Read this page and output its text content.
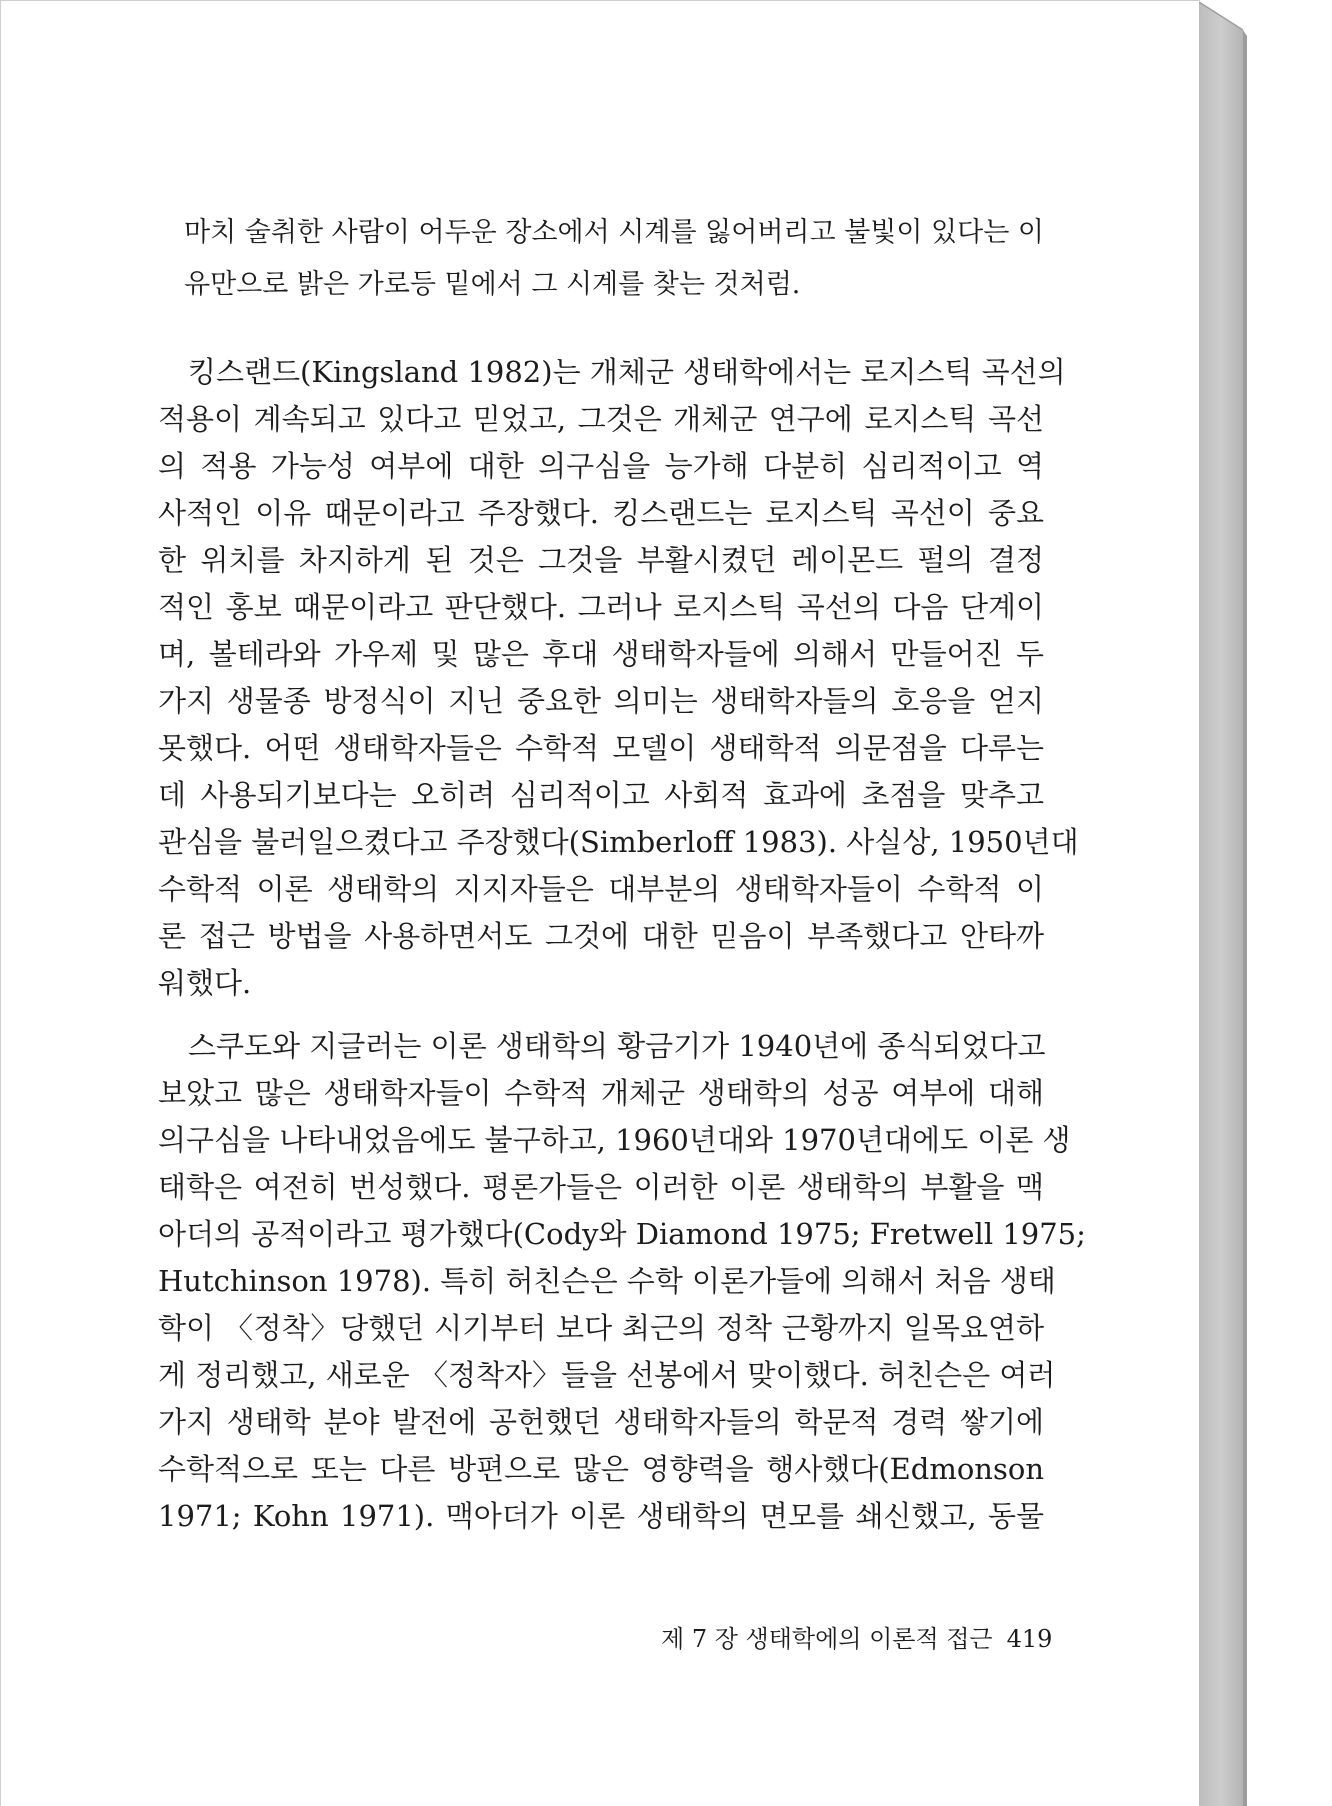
마치 술취한 사람이 어두운 장소에서 시계를 잃어버리고 불빛이 있다는 이
유만으로 밝은 가로등 밑에서 그 시계를 찾는 것처럼.
킹스랜드(Kingsland 1982)는 개체군 생태학에서는 로지스틱 곡선의
적용이 계속되고 있다고 믿었고, 그것은 개체군 연구에 로지스틱 곡선
의 적용 가능성 여부에 대한 의구심을 능가해 다분히 심리적이고 역
사적인 이유 때문이라고 주장했다. 킹스랜드는 로지스틱 곡선이 중요
한 위치를 차지하게 된 것은 그것을 부활시켰던 레이몬드 펄의 결정
적인 홍보 때문이라고 판단했다. 그러나 로지스틱 곡선의 다음 단계이
며, 볼테라와 가우제 및 많은 후대 생태학자들에 의해서 만들어진 두
가지 생물종 방정식이 지닌 중요한 의미는 생태학자들의 호응을 얻지
못했다. 어떤 생태학자들은 수학적 모델이 생태학적 의문점을 다루는
데 사용되기보다는 오히려 심리적이고 사회적 효과에 초점을 맞추고
관심을 불러일으켰다고 주장했다(Simberloff 1983). 사실상, 1950년대
수학적 이론 생태학의 지지자들은 대부분의 생태학자들이 수학적 이
론 접근 방법을 사용하면서도 그것에 대한 믿음이 부족했다고 안타까
워했다.
스쿠도와 지글러는 이론 생태학의 황금기가 1940년에 종식되었다고
보았고 많은 생태학자들이 수학적 개체군 생태학의 성공 여부에 대해
의구심을 나타내었음에도 불구하고, 1960년대와 1970년대에도 이론 생
태학은 여전히 번성했다. 평론가들은 이러한 이론 생태학의 부활을 맥
아더의 공적이라고 평가했다(Cody와 Diamond 1975; Fretwell 1975;
Hutchinson 1978). 특히 허친슨은 수학 이론가들에 의해서 처음 생태
학이 〈정착〉당했던 시기부터 보다 최근의 정착 근황까지 일목요연하
게 정리했고, 새로운 〈정착자〉들을 선봉에서 맞이했다. 허친슨은 여러
가지 생태학 분야 발전에 공헌했던 생태학자들의 학문적 경력 쌓기에
수학적으로 또는 다른 방편으로 많은 영향력을 행사했다(Edmonson
1971; Kohn 1971). 맥아더가 이론 생태학의 면모를 쇄신했고, 동물
제 7 장 생태학에의 이론적 접근 419
